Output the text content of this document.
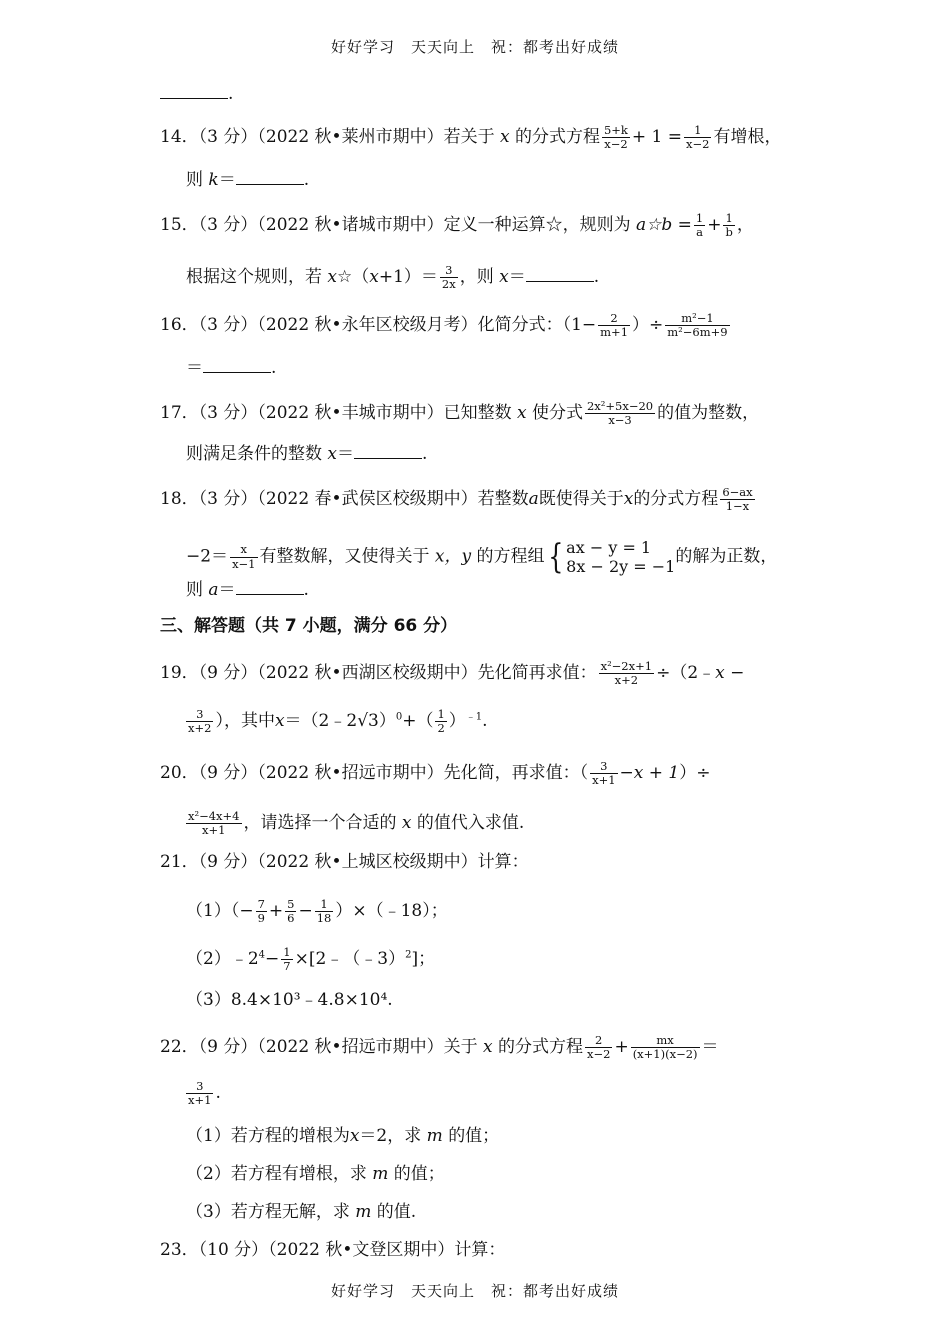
好好学习　天天向上　祝：都考出好成绩
.
14．（3 分）（2022 秋•莱州市期中）若关于 x 的分式方程 $\frac{5+k}{x-2} + 1 = \frac{1}{x-2}$ 有增根，
则 k＝	.
15．（3 分）（2022 秋•诸城市期中）定义一种运算☆，规则为 a☆b = $\frac{1}{a} + \frac{1}{b}$ ，
根据这个规则，若 x☆（x+1）＝ $\frac{3}{2x}$ ，则 x＝	.
16．（3 分）（2022 秋•永年区校级月考）化简分式：（$1- \frac{2}{m+1}$ ）÷ $\frac{\text{m²−1}}{\text{m²−6m+9}}$
＝	.
17．（3 分）（2022 秋•丰城市期中）已知整数 x 使分式 $\frac{\text{2x²+5x−20}}{x-3}$ 的值为整数，
则满足条件的整数 x＝	.
18．（3 分）（2022 春•武侯区校级期中）若整数a既使得关于x的分式方程 $\frac{6-ax}{1-x}$
$-2= \frac{x}{x-1}$ 有整数解，又使得关于 x，y 的方程组 { ax − y = 1
8x − 2y = −1 的解为正数，
则 a＝	.
三、解答题（共 7 小题，满分 66 分）
19．（9 分）（2022 秋•西湖区校级期中）先化简再求值： $\frac{\text{x²−2x+1}}{x+2}$ ÷（2﹣x −
$\frac{3}{x+2}$ ），其中x＝（2﹣2√3）$^0$+（ $\frac{1}{2} )^{﹣1}$.
20．（9 分）（2022 秋•招远市期中）先化简，再求值：（ $\frac{3}{x+1} -x + 1)\div$
$\frac{\text{x²−4x+4}}{x+1}$ ，请选择一个合适的 x 的值代入求值.
21．（9 分）（2022 秋•上城区校级期中）计算：
$(1)(- \frac{7}{9} + \frac{5}{6} - \frac{1}{18}$ ）×（﹣18）；
$(2)﹣2^4- \frac{1}{7}$ ×[2﹣（﹣3）$^2$]；
（3）8.4×10³﹣4.8×10⁴.
22．（9 分）（2022 秋•招远市期中）关于 x 的分式方程 $\frac{2}{x-2} + \frac{mx}{(x+1)(x-2)}$ ＝
$\frac{3}{x+1}$ .
（1）若方程的增根为x＝2，求 m 的值；
（2）若方程有增根，求 m 的值；
（3）若方程无解，求 m 的值.
23．（10 分）（2022 秋•文登区期中）计算：
好好学习　天天向上　祝：都考出好成绩
